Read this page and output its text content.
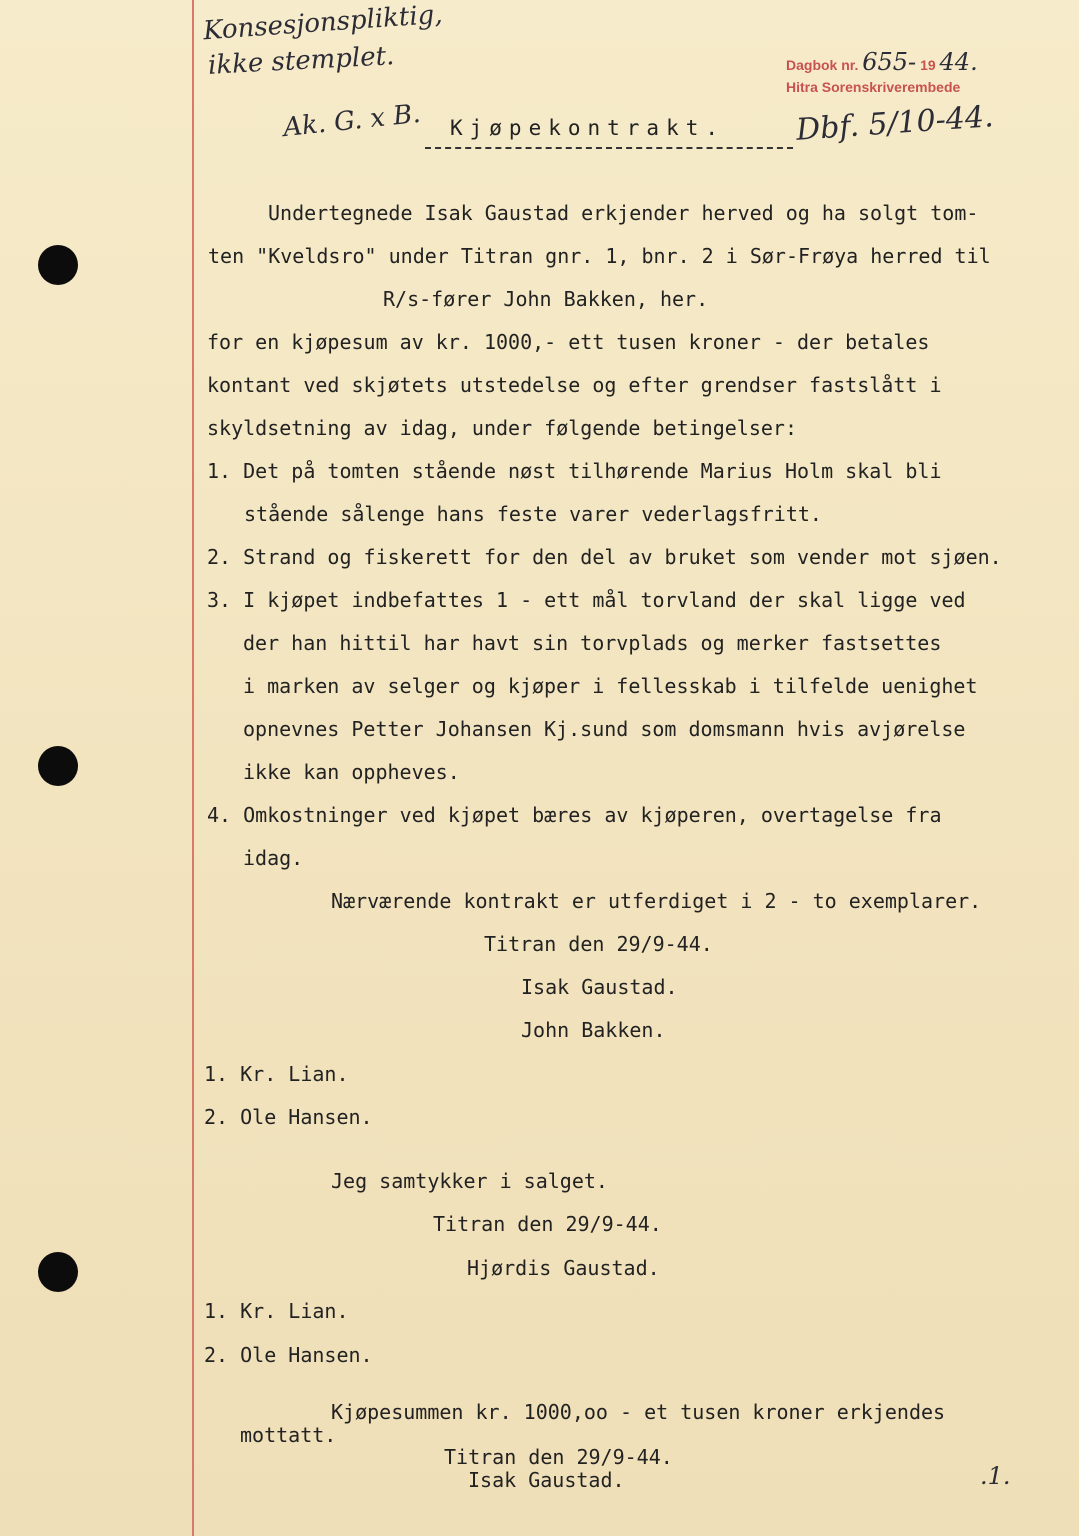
Konsesjonspliktig,
ikke stemplet.
Ak. G. x B.
Dagbok nr. 655- 19 44.
Hitra Sorenskriverembede
Dbf. 5/10-44.
Kjøpekontrakt.
Undertegnede Isak Gaustad erkjender herved og ha solgt tom-
ten "Kveldsro" under Titran gnr. 1, bnr. 2 i Sør-Frøya herred til
R/s-fører John Bakken, her.
for en kjøpesum av kr. 1000,- ett tusen kroner - der betales
kontant ved skjøtets utstedelse og efter grendser fastslått i
skyldsetning av idag, under følgende betingelser:
1. Det på tomten stående nøst tilhørende Marius Holm skal bli
stående sålenge hans feste varer vederlagsfritt.
2. Strand og fiskerett for den del av bruket som vender mot sjøen.
3. I kjøpet indbefattes 1 - ett mål torvland der skal ligge ved
der han hittil har havt sin torvplads og merker fastsettes
i marken av selger og kjøper i fellesskab i tilfelde uenighet
opnevnes Petter Johansen Kj.sund som domsmann hvis avjørelse
ikke kan oppheves.
4. Omkostninger ved kjøpet bæres av kjøperen, overtagelse fra
idag.
Nærværende kontrakt er utferdiget i 2 - to exemplarer.
Titran den 29/9-44.
Isak Gaustad.
John Bakken.
1. Kr. Lian.
2. Ole Hansen.
Jeg samtykker i salget.
Titran den 29/9-44.
Hjørdis Gaustad.
1. Kr. Lian.
2. Ole Hansen.
Kjøpesummen kr. 1000,oo - et tusen kroner erkjendes
mottatt.
Titran den 29/9-44.
Isak Gaustad.	.1.
